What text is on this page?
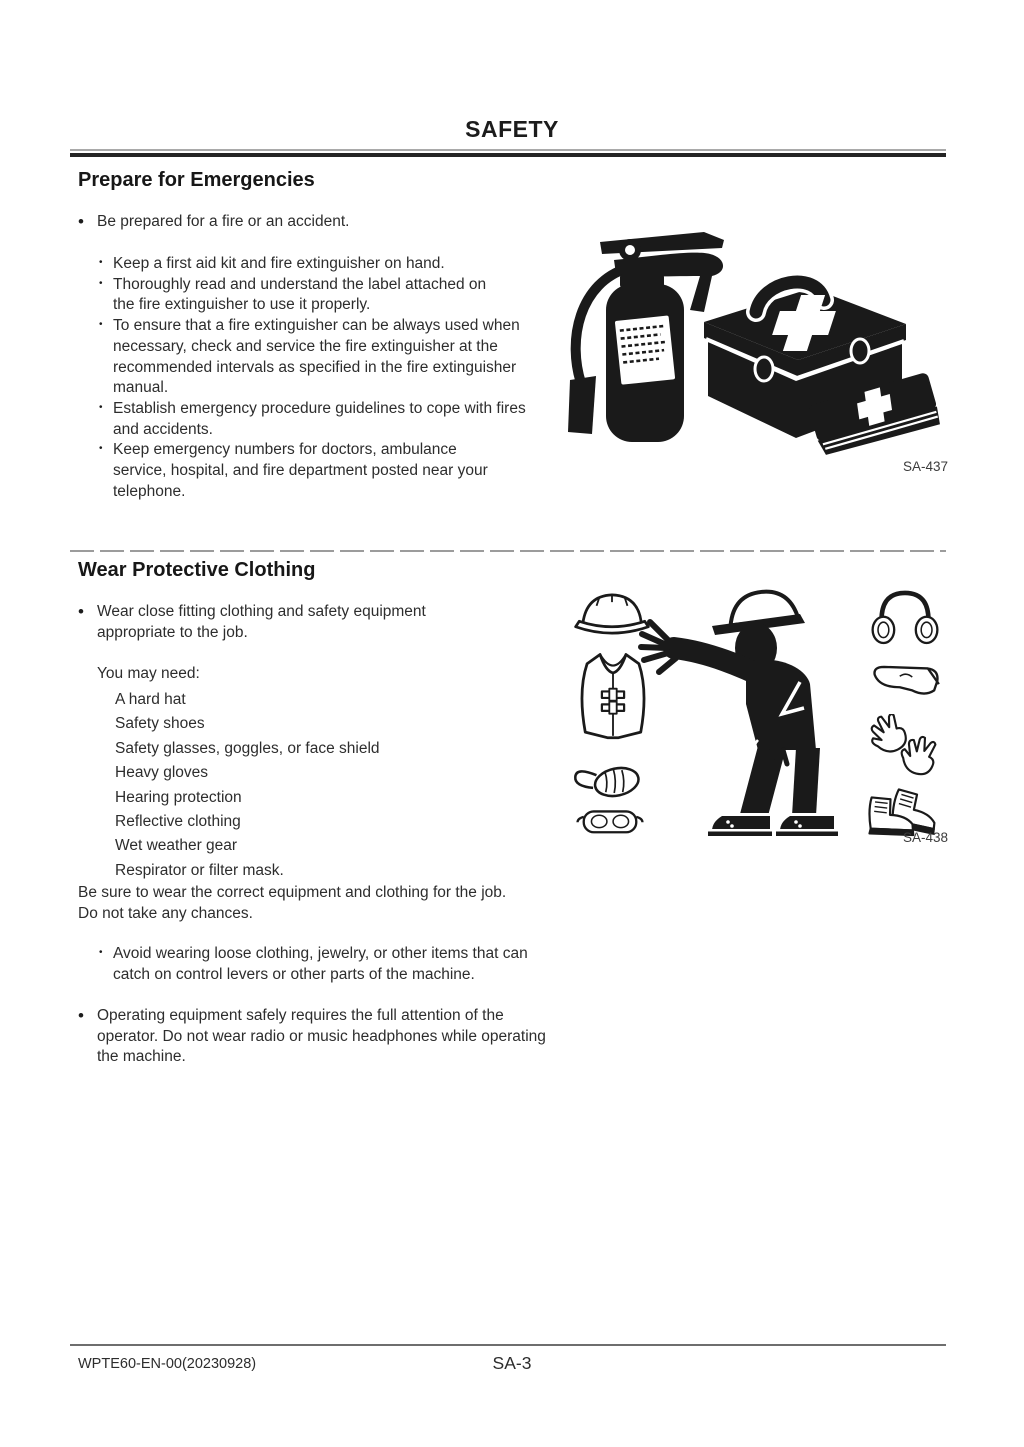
SAFETY
Prepare for Emergencies
• Be prepared for a fire or an accident.
• Keep a first aid kit and fire extinguisher on hand.
• Thoroughly read and understand the label attached on the fire extinguisher to use it properly.
• To ensure that a fire extinguisher can be always used when necessary, check and service the fire extinguisher at the recommended intervals as specified in the fire extinguisher manual.
• Establish emergency procedure guidelines to cope with fires and accidents.
• Keep emergency numbers for doctors, ambulance service, hospital, and fire department posted near your telephone.
SA-437
Wear Protective Clothing
• Wear close fitting clothing and safety equipment appropriate to the job.
You may need:
A hard hat
Safety shoes
Safety glasses, goggles, or face shield
Heavy gloves
Hearing protection
Reflective clothing
Wet weather gear
Respirator or filter mask.
Be sure to wear the correct equipment and clothing for the job. Do not take any chances.
• Avoid wearing loose clothing, jewelry, or other items that can catch on control levers or other parts of the machine.
• Operating equipment safely requires the full attention of the operator. Do not wear radio or music headphones while operating the machine.
SA-438
WPTE60-EN-00(20230928)	SA-3
